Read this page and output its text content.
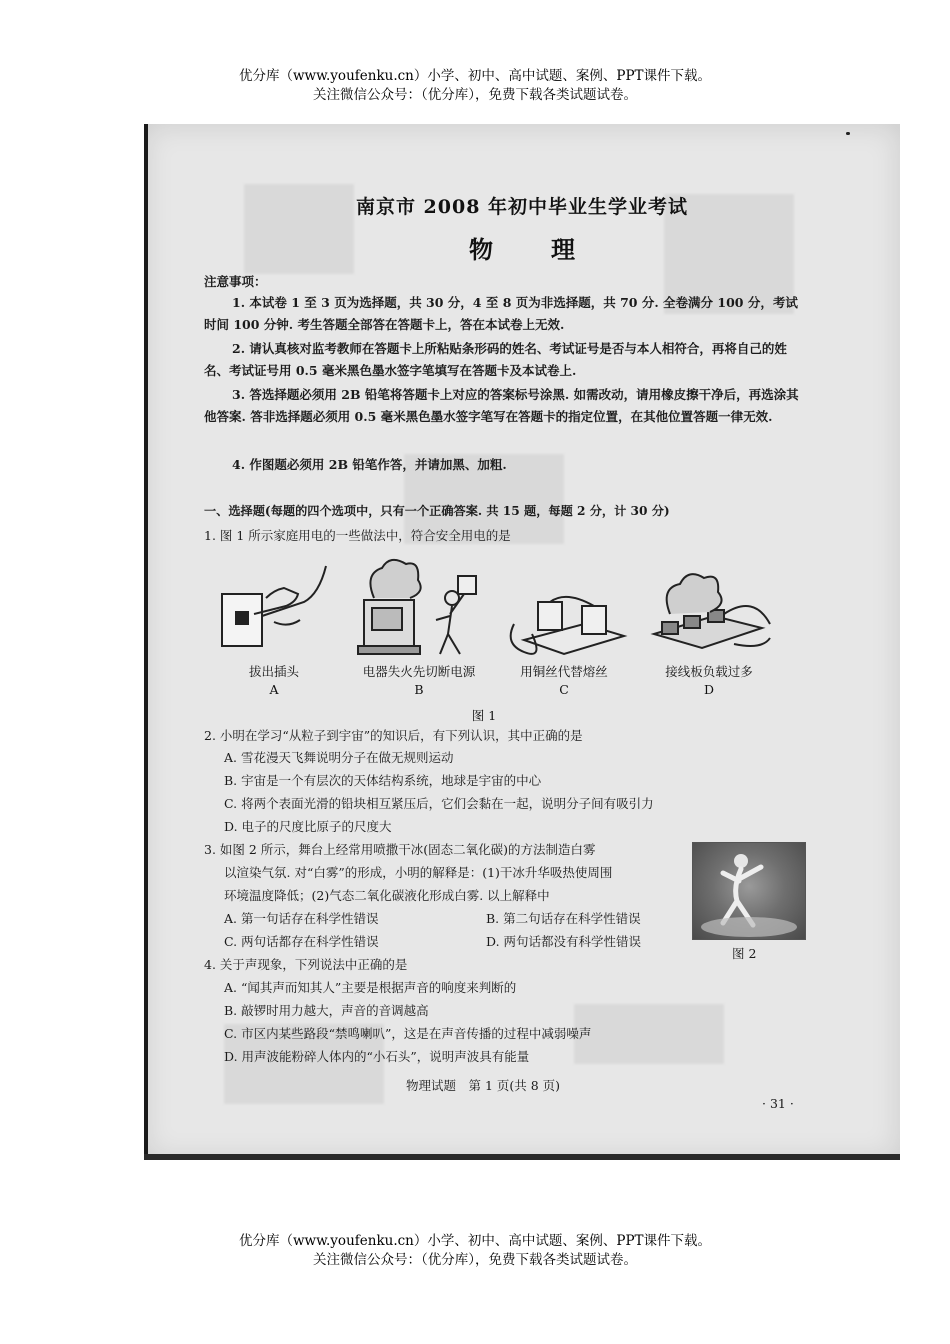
优分库（www.youfenku.cn）小学、初中、高中试题、案例、PPT课件下载。
关注微信公众号：（优分库），免费下载各类试题试卷。
南京市 2008 年初中毕业生学业考试
物理
注意事项：
1. 本试卷 1 至 3 页为选择题，共 30 分，4 至 8 页为非选择题，共 70 分. 全卷满分 100 分，考试时间 100 分钟. 考生答题全部答在答题卡上，答在本试卷上无效.
2. 请认真核对监考教师在答题卡上所粘贴条形码的姓名、考试证号是否与本人相符合，再将自己的姓名、考试证号用 0.5 毫米黑色墨水签字笔填写在答题卡及本试卷上.
3. 答选择题必须用 2B 铅笔将答题卡上对应的答案标号涂黑. 如需改动，请用橡皮擦干净后，再选涂其他答案. 答非选择题必须用 0.5 毫米黑色墨水签字笔写在答题卡的指定位置，在其他位置答题一律无效.
4. 作图题必须用 2B 铅笔作答，并请加黑、加粗.
一、选择题(每题的四个选项中，只有一个正确答案. 共 15 题，每题 2 分，计 30 分)
1. 图 1 所示家庭用电的一些做法中，符合安全用电的是
拔出插头	电器失火先切断电源	用铜丝代替熔丝	接线板负载过多
A	B	C	D
图 1
2. 小明在学习“从粒子到宇宙”的知识后，有下列认识，其中正确的是
A. 雪花漫天飞舞说明分子在做无规则运动
B. 宇宙是一个有层次的天体结构系统，地球是宇宙的中心
C. 将两个表面光滑的铅块相互紧压后，它们会黏在一起，说明分子间有吸引力
D. 电子的尺度比原子的尺度大
3. 如图 2 所示，舞台上经常用喷撒干冰(固态二氧化碳)的方法制造白雾
以渲染气氛. 对“白雾”的形成，小明的解释是：(1)干冰升华吸热使周围
环境温度降低；(2)气态二氧化碳液化形成白雾. 以上解释中
A. 第一句话存在科学性错误	B. 第二句话存在科学性错误
C. 两句话都存在科学性错误	D. 两句话都没有科学性错误
图 2
4. 关于声现象，下列说法中正确的是
A. “闻其声而知其人”主要是根据声音的响度来判断的
B. 敲锣时用力越大，声音的音调越高
C. 市区内某些路段“禁鸣喇叭”，这是在声音传播的过程中减弱噪声
D. 用声波能粉碎人体内的“小石头”，说明声波具有能量
物理试题　第 1 页(共 8 页)
· 31 ·
优分库（www.youfenku.cn）小学、初中、高中试题、案例、PPT课件下载。
关注微信公众号：（优分库），免费下载各类试题试卷。
